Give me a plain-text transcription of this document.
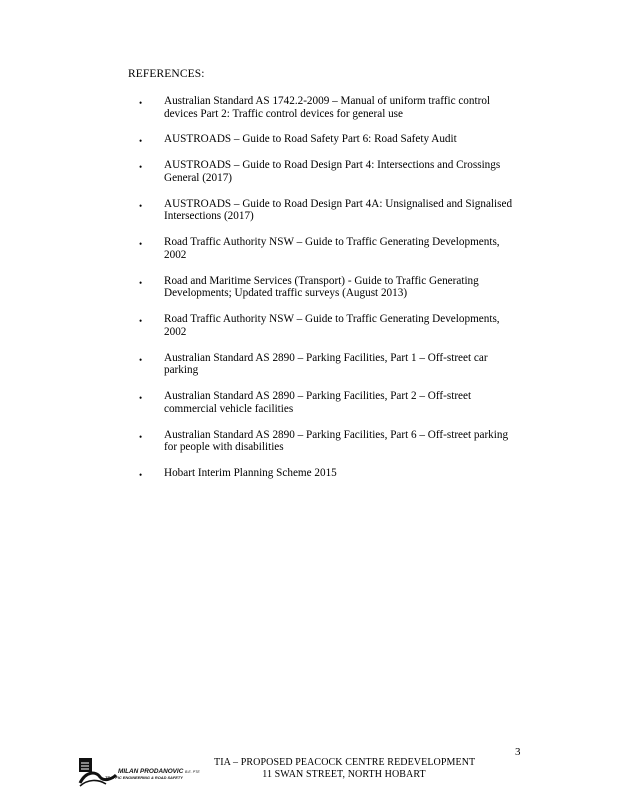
REFERENCES:
• Australian Standard AS 1742.2-2009 – Manual of uniform traffic control devices Part 2: Traffic control devices for general use
• AUSTROADS – Guide to Road Safety Part 6: Road Safety Audit
• AUSTROADS – Guide to Road Design Part 4: Intersections and Crossings General (2017)
• AUSTROADS – Guide to Road Design Part 4A: Unsignalised and Signalised Intersections (2017)
• Road Traffic Authority NSW – Guide to Traffic Generating Developments, 2002
• Road and Maritime Services (Transport) - Guide to Traffic Generating Developments; Updated traffic surveys (August 2013)
• Road Traffic Authority NSW – Guide to Traffic Generating Developments, 2002
• Australian Standard AS 2890 – Parking Facilities, Part 1 – Off-street car parking
• Australian Standard AS 2890 – Parking Facilities, Part 2 – Off-street commercial vehicle facilities
• Australian Standard AS 2890 – Parking Facilities, Part 6 – Off-street parking for people with disabilities
• Hobart Interim Planning Scheme 2015
3
MILAN PRODANOVIC B.E. PTE
TRAFFIC ENGINEERING & ROAD SAFETY
TIA – PROPOSED PEACOCK CENTRE REDEVELOPMENT
11 SWAN STREET, NORTH HOBART
